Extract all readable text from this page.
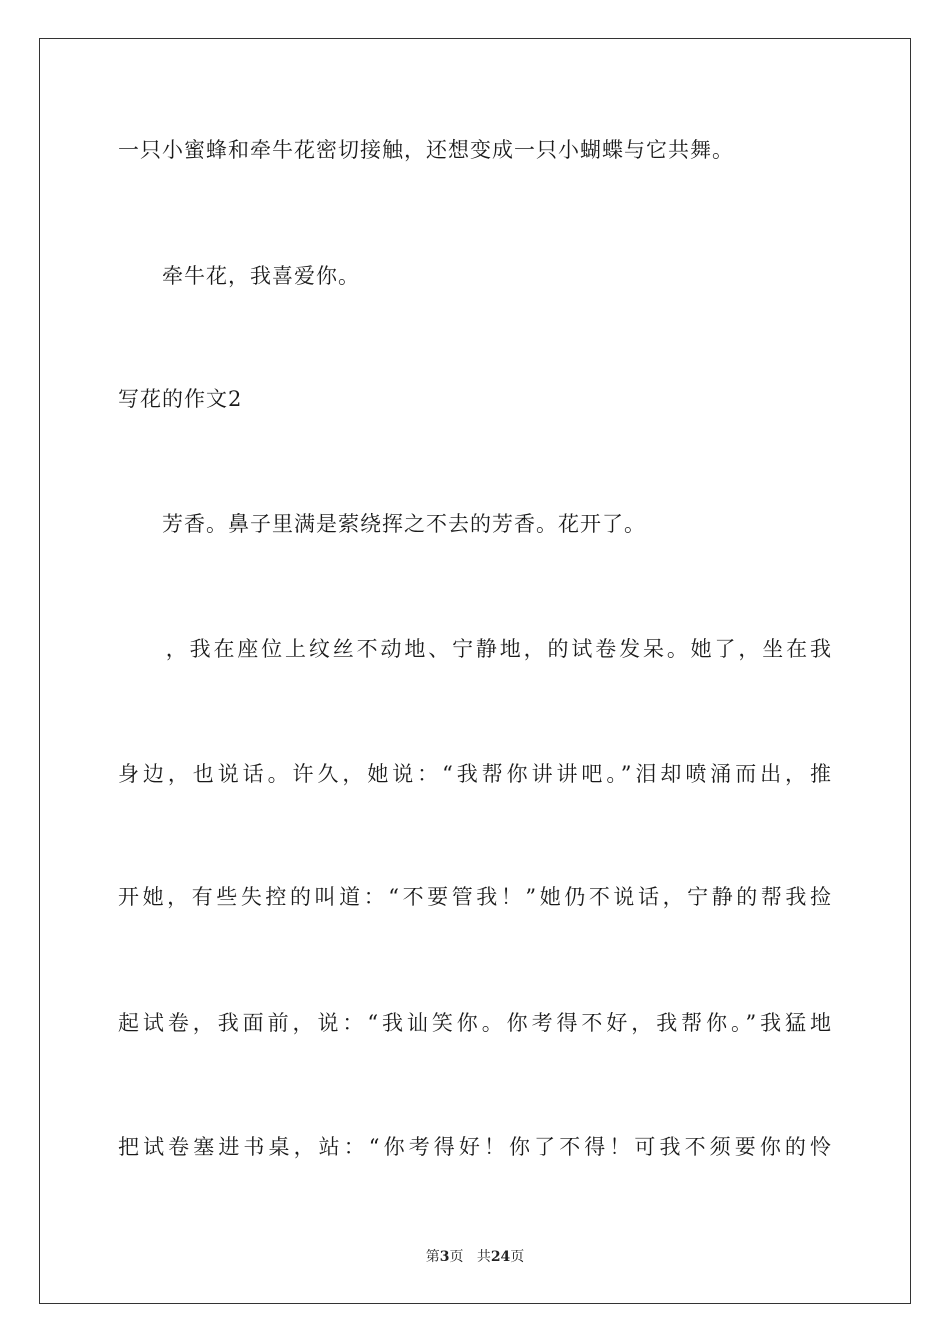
一只小蜜蜂和牵牛花密切接触，还想变成一只小蝴蝶与它共舞。
　　牵牛花，我喜爱你。
写花的作文2
　　芳香。鼻子里满是萦绕挥之不去的芳香。花开了。
　　，我在座位上纹丝不动地、宁静地，的试卷发呆。她了，坐在我
身边，也说话。许久，她说：“我帮你讲讲吧。”泪却喷涌而出，推
开她，有些失控的叫道：“不要管我！”她仍不说话，宁静的帮我捡
起试卷，我面前，说：“我讪笑你。你考得不好，我帮你。”我猛地
把试卷塞进书桌，站：“你考得好！你了不得！可我不须要你的怜
第3页 共24页
